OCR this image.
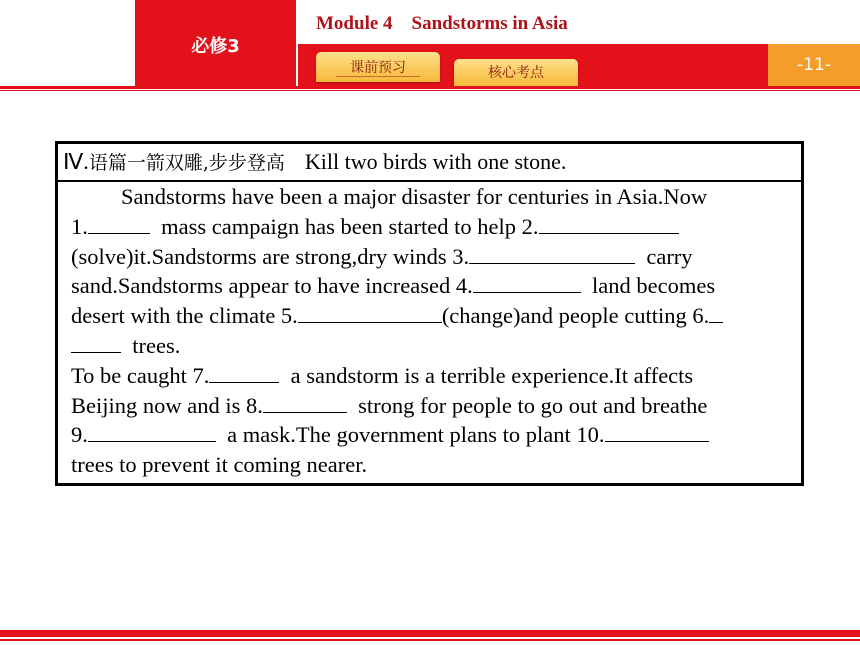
必修3
Module 4 Sandstorms in Asia
课前预习	核心考点	-11-
Ⅳ.语篇一箭双雕,步步登高 Kill two birds with one stone.

Sandstorms have been a major disaster for centuries in Asia.Now

1.	mass campaign has been started to help 2.

(solve)it.Sandstorms are strong,dry winds 3.	carry

sand.Sandstorms appear to have increased 4.	land becomes

desert with the climate 5.	(change)and people cutting 6.

trees.

To be caught 7.	a sandstorm is a terrible experience.It affects

Beijing now and is 8.	strong for people to go out and breathe

9.	a mask.The government plans to plant 10.

trees to prevent it coming nearer.
